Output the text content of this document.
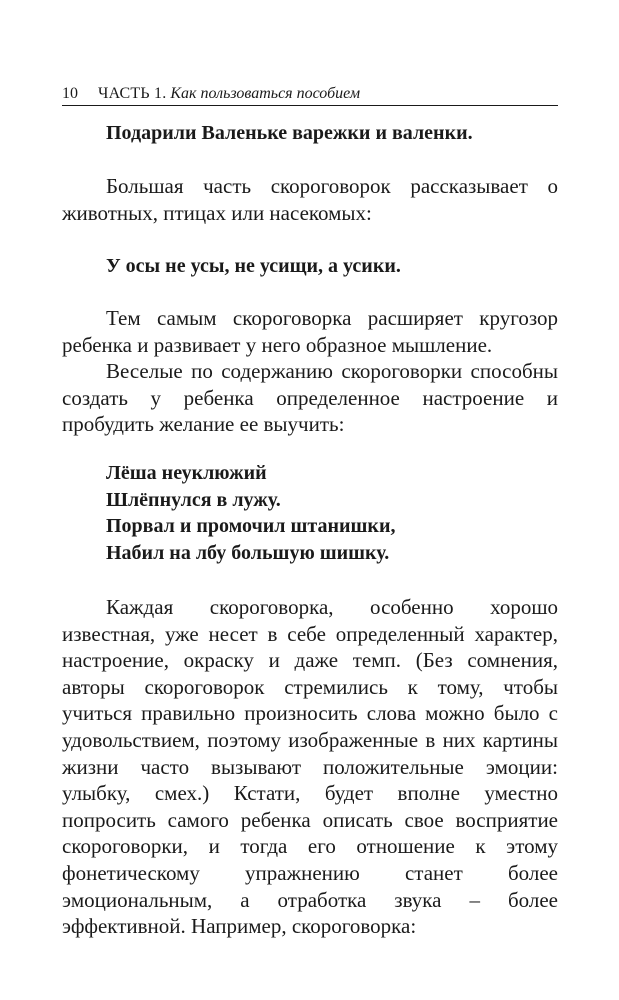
10 ЧАСТЬ 1. Как пользоваться пособием
Подарили Валеньке варежки и валенки.

Большая часть скороговорок рассказывает о животных, птицах или насекомых:

У осы не усы, не усищи, а усики.

Тем самым скороговорка расширяет кругозор ребенка и развивает у него образное мышление.

Веселые по содержанию скороговорки способны создать у ребенка определенное настроение и пробудить желание ее выучить:

Лёша неуклюжий
Шлёпнулся в лужу.
Порвал и промочил штанишки,
Набил на лбу большую шишку.

Каждая скороговорка, особенно хорошо известная, уже несет в себе определенный характер, настроение, окраску и даже темп. (Без сомнения, авторы скороговорок стремились к тому, чтобы учиться правильно произносить слова можно было с удовольствием, поэтому изображенные в них картины жизни часто вызывают положительные эмоции: улыбку, смех.) Кстати, будет вполне уместно попросить самого ребенка описать свое восприятие скороговорки, и тогда его отношение к этому фонетическому упражнению станет более эмоциональным, а отработка звука – более эффективной. Например, скороговорка:
